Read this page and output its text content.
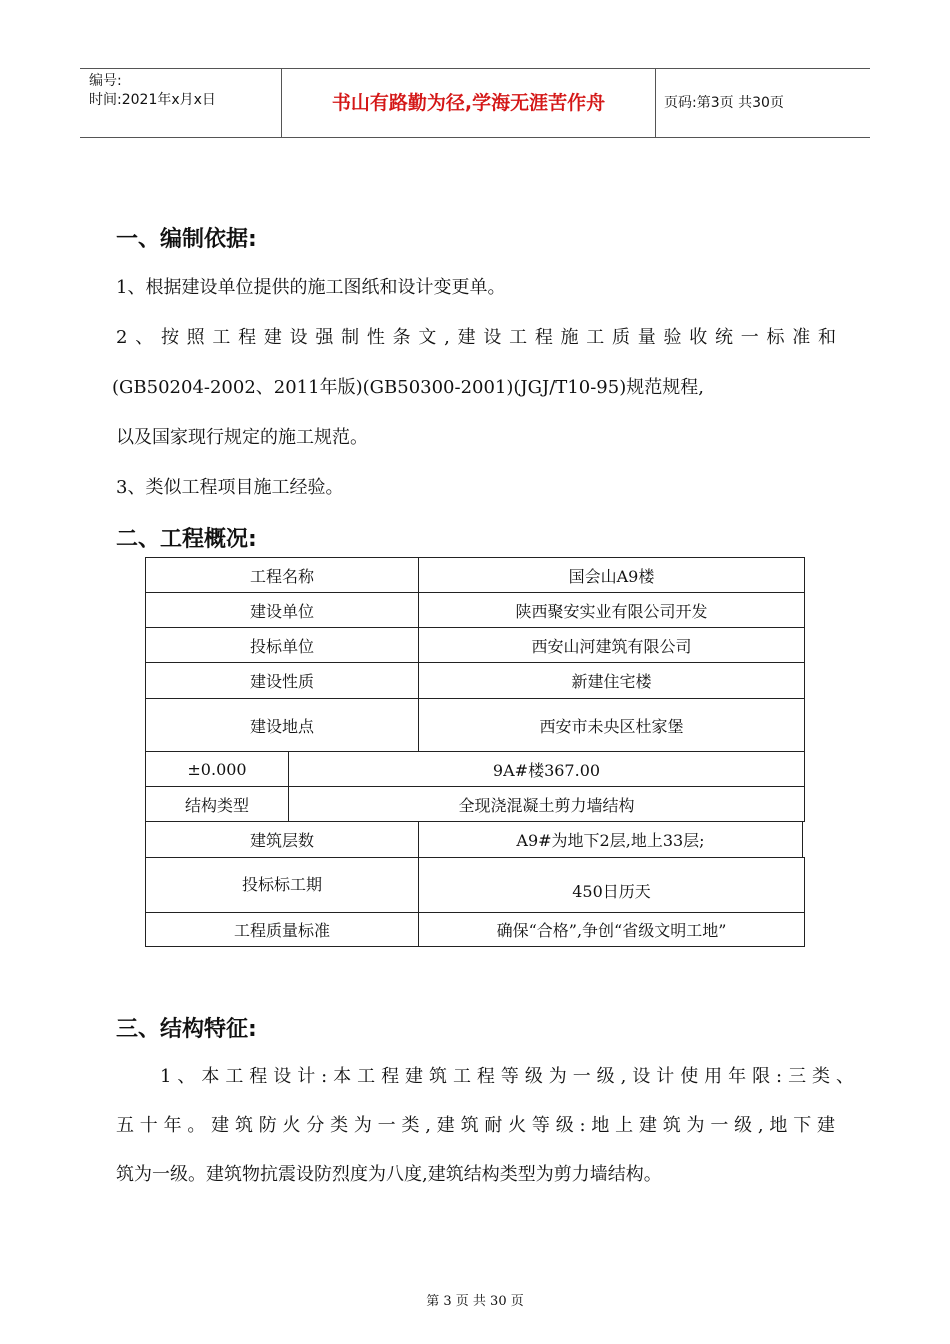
编号:
时间:2021年x月x日	书山有路勤为径,学海无涯苦作舟	页码:第3页 共30页
一、编制依据:
1、根据建设单位提供的施工图纸和设计变更单。
2、按照工程建设强制性条文,建设工程施工质量验收统一标准和
(GB50204-2002、2011年版)(GB50300-2001)(JGJ/T10-95)规范规程,
以及国家现行规定的施工规范。
3、类似工程项目施工经验。
二、工程概况:
工程名称	国会山A9楼
建设单位	陕西聚安实业有限公司开发
投标单位	西安山河建筑有限公司
建设性质	新建住宅楼
建设地点	西安市未央区杜家堡
±0.000	9A#楼367.00
结构类型	全现浇混凝土剪力墙结构
建筑层数	A9#为地下2层,地上33层;
投标标工期	450日历天
工程质量标准	确保“合格”,争创“省级文明工地”
三、结构特征:
1、本工程设计:本工程建筑工程等级为一级,设计使用年限:三类、
五十年。建筑防火分类为一类,建筑耐火等级:地上建筑为一级,地下建
筑为一级。建筑物抗震设防烈度为八度,建筑结构类型为剪力墙结构。
第 3 页 共 30 页
